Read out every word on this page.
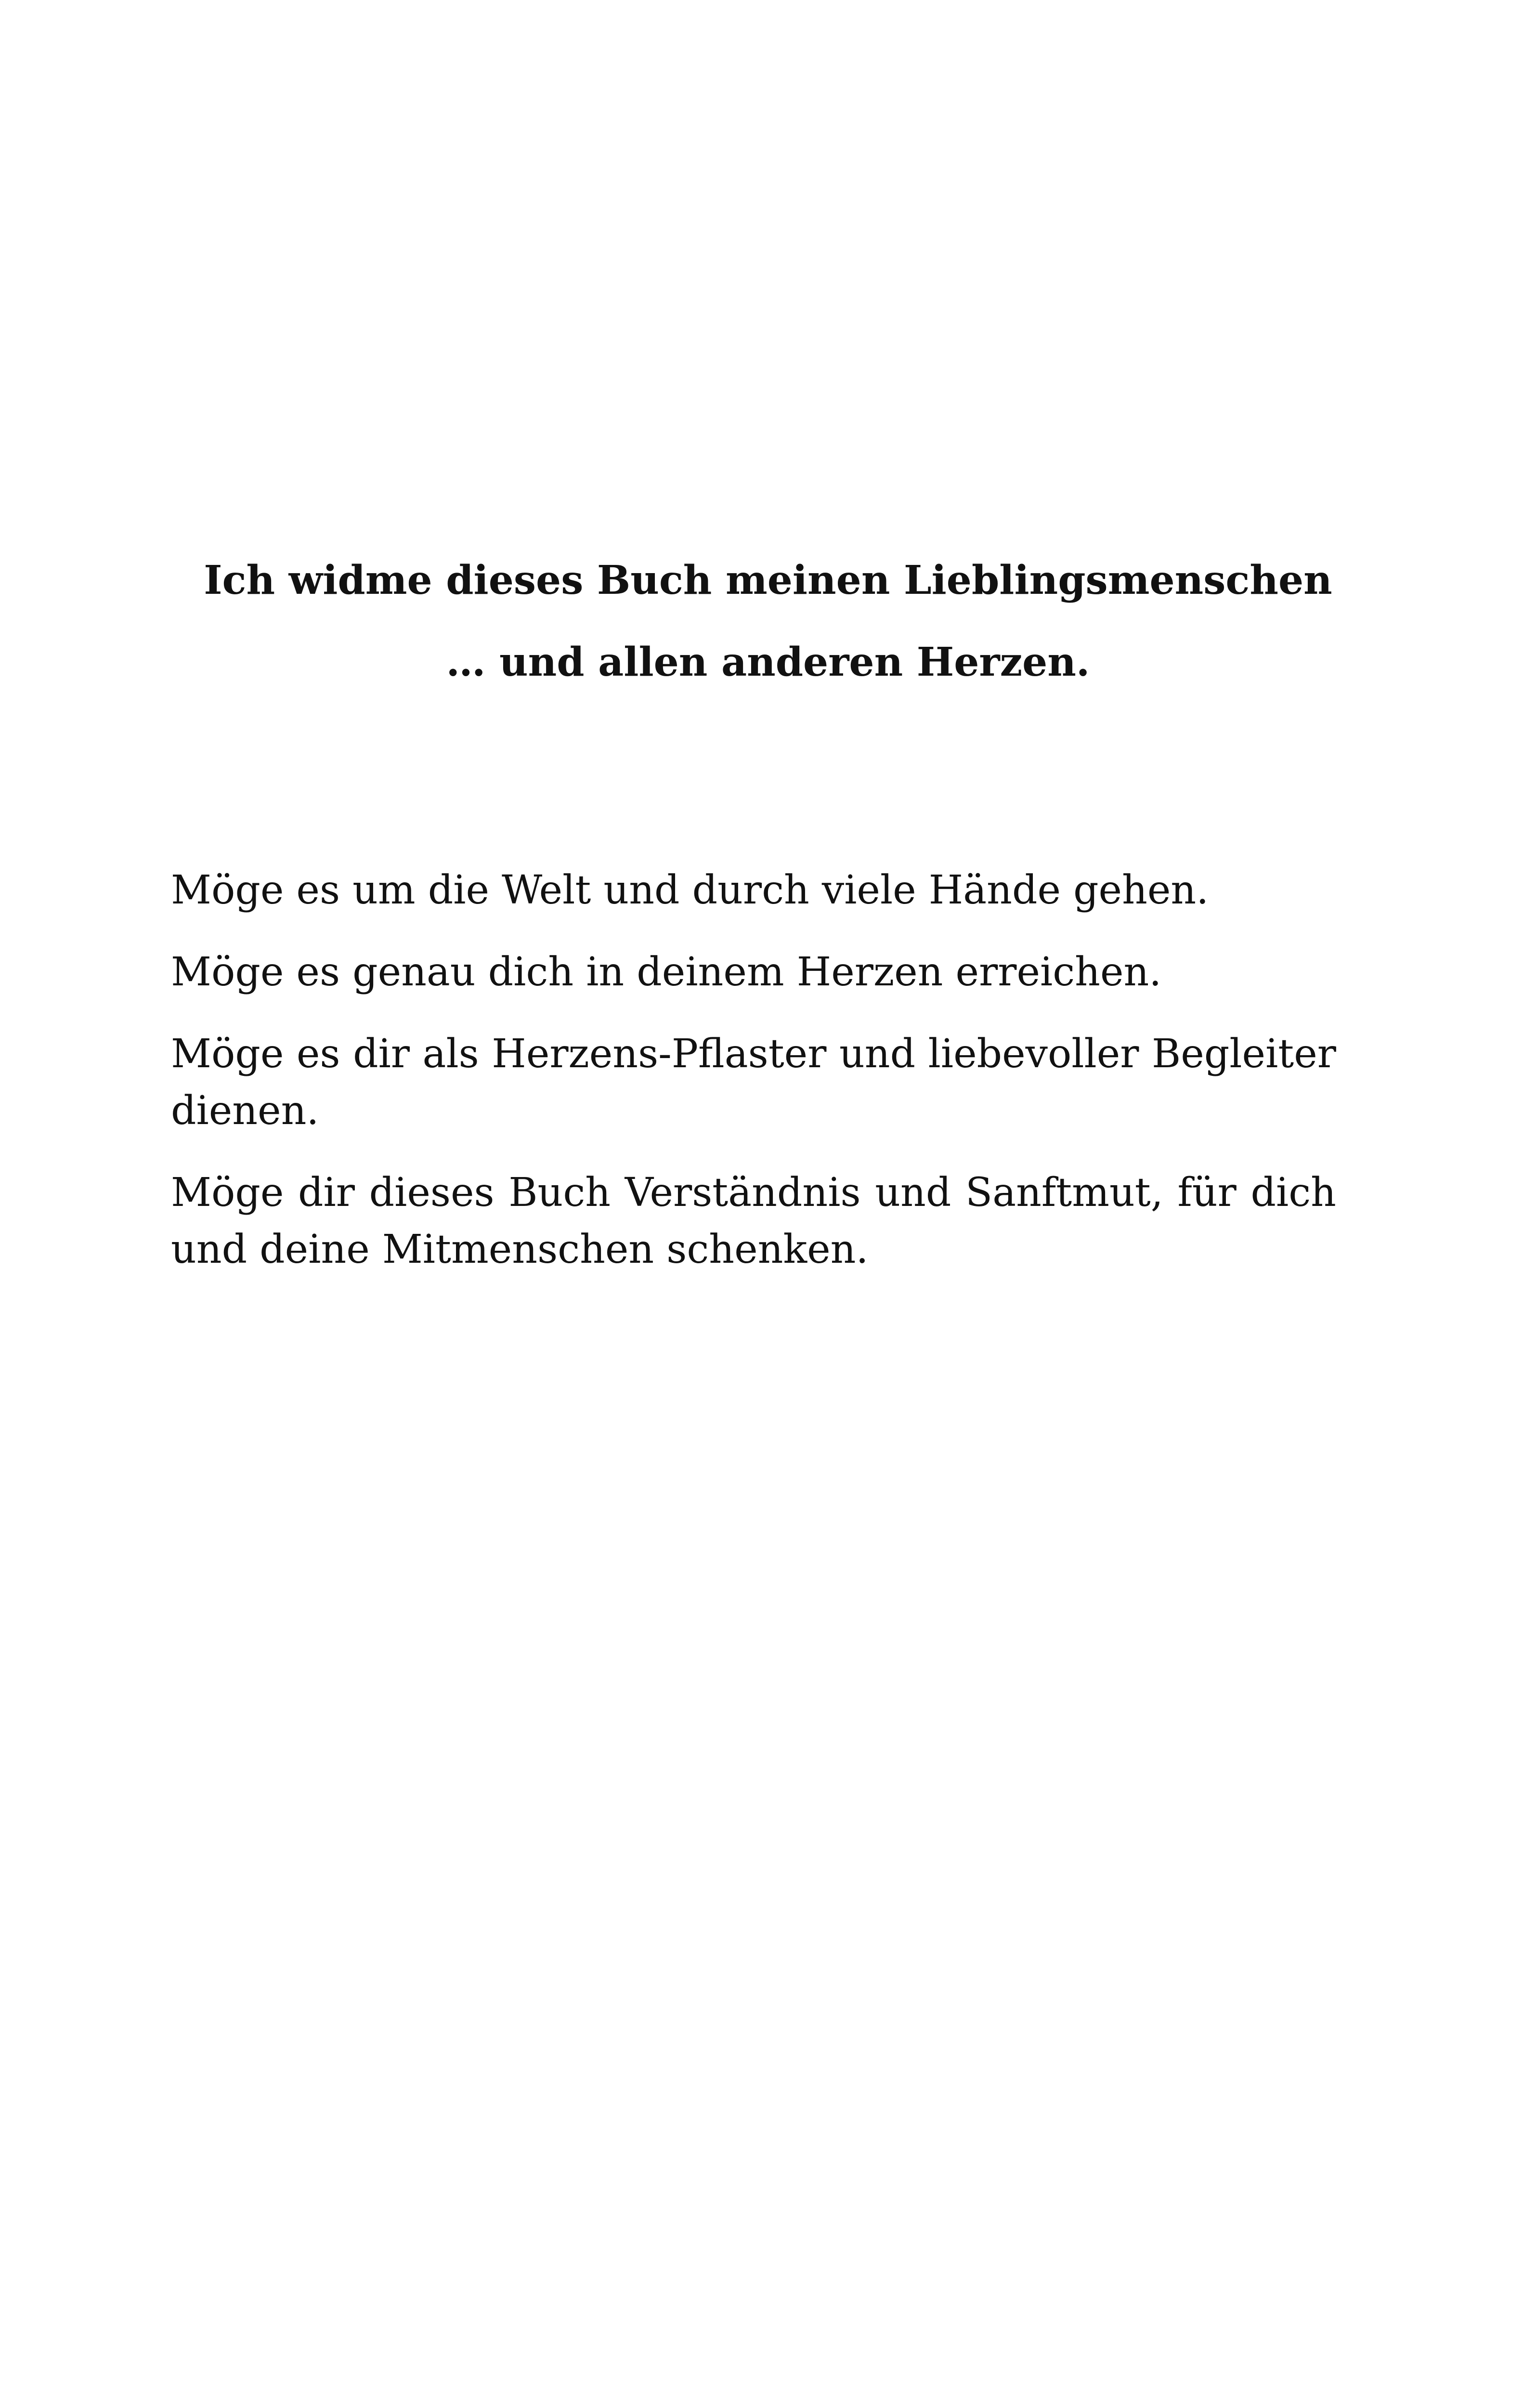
Ich widme dieses Buch meinen Lieblingsmenschen
… und allen anderen Herzen.

Möge es um die Welt und durch viele Hände gehen.

Möge es genau dich in deinem Herzen erreichen.

Möge es dir als Herzens-Pflaster und liebevoller Begleiter dienen.

Möge dir dieses Buch Verständnis und Sanftmut, für dich und deine Mitmenschen schenken.
